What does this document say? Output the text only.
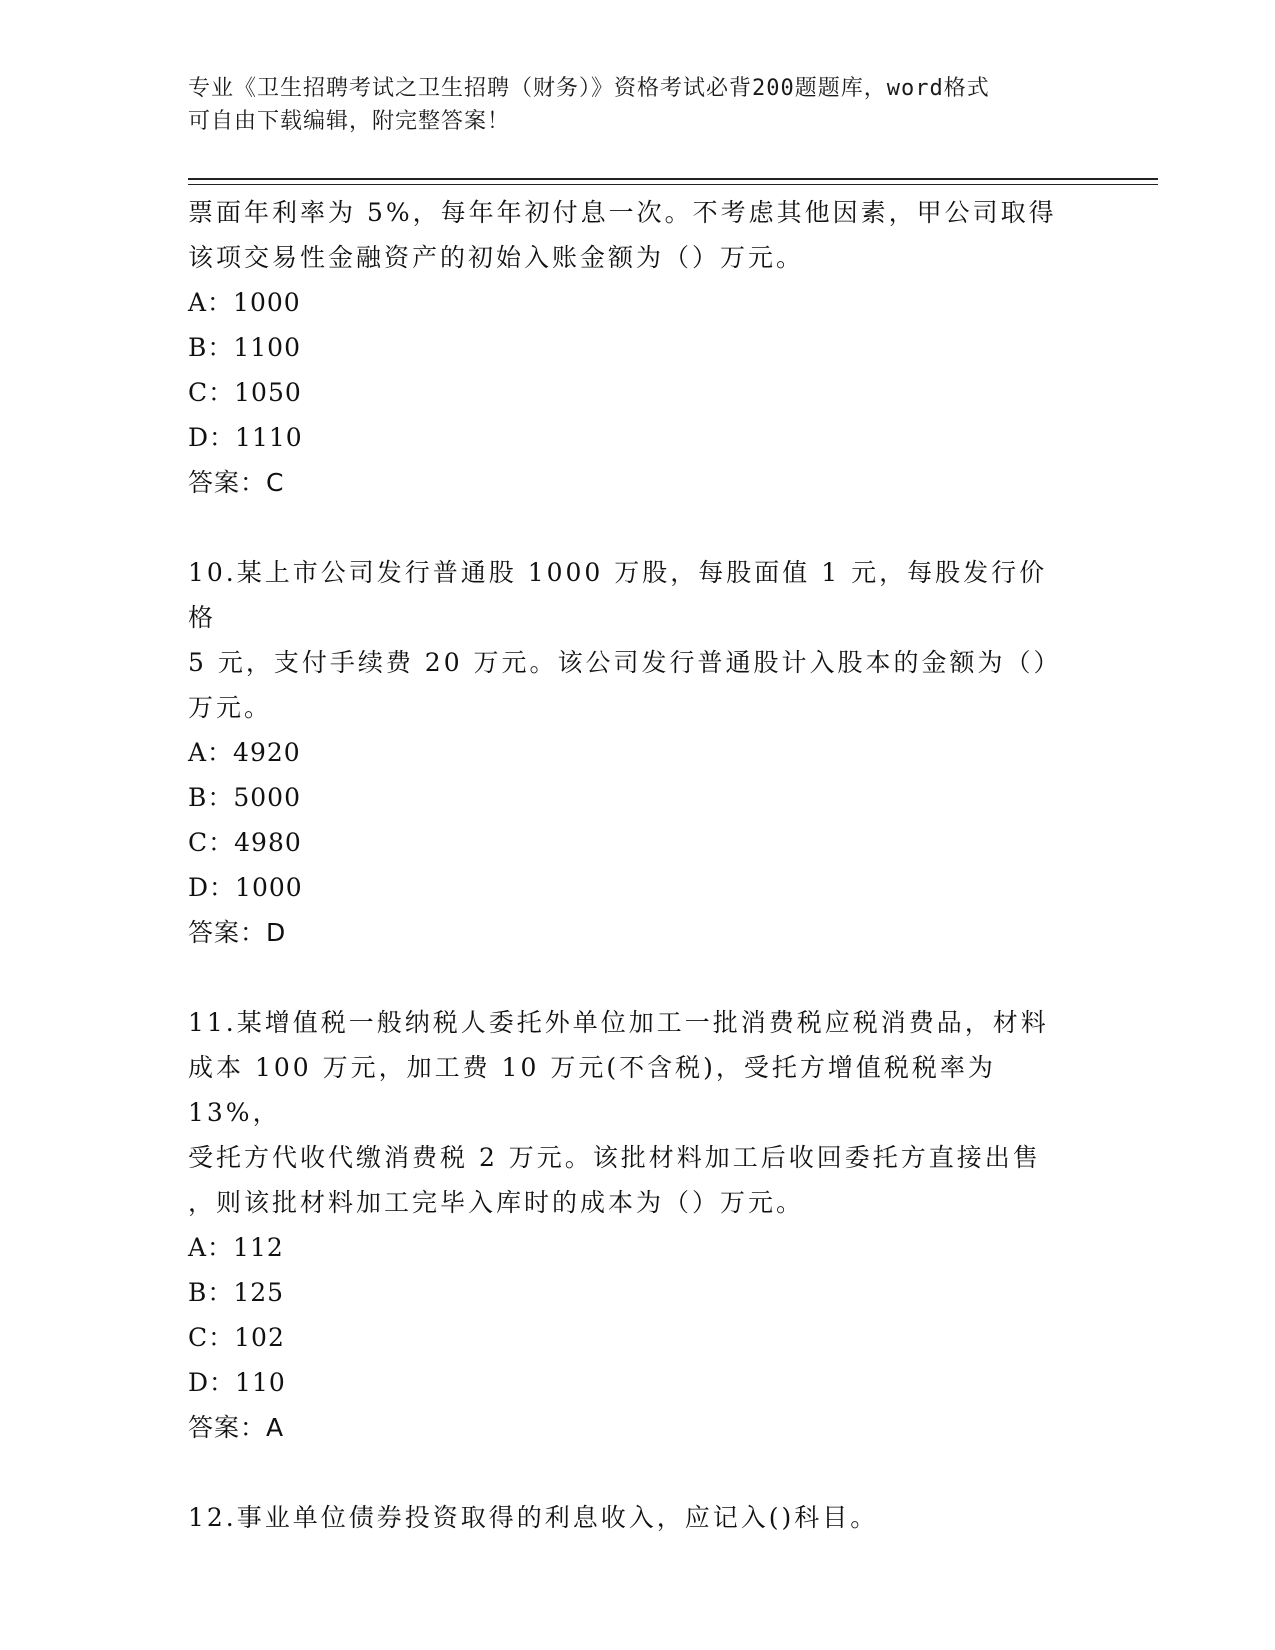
专业《卫生招聘考试之卫生招聘（财务）》资格考试必背200题题库，word格式
可自由下载编辑，附完整答案！

票面年利率为 5%，每年年初付息一次。不考虑其他因素，甲公司取得

该项交易性金融资产的初始入账金额为（）万元。

A：1000

B：1100

C：1050

D：1110

答案：C

10.某上市公司发行普通股 1000 万股，每股面值 1 元，每股发行价格

5 元，支付手续费 20 万元。该公司发行普通股计入股本的金额为（）

万元。

A：4920

B：5000

C：4980

D：1000

答案：D

11.某增值税一般纳税人委托外单位加工一批消费税应税消费品，材料

成本 100 万元，加工费 10 万元(不含税)，受托方增值税税率为 13%，

受托方代收代缴消费税 2 万元。该批材料加工后收回委托方直接出售

，则该批材料加工完毕入库时的成本为（）万元。

A：112

B：125

C：102

D：110

答案：A

12.事业单位债券投资取得的利息收入，应记入()科目。
